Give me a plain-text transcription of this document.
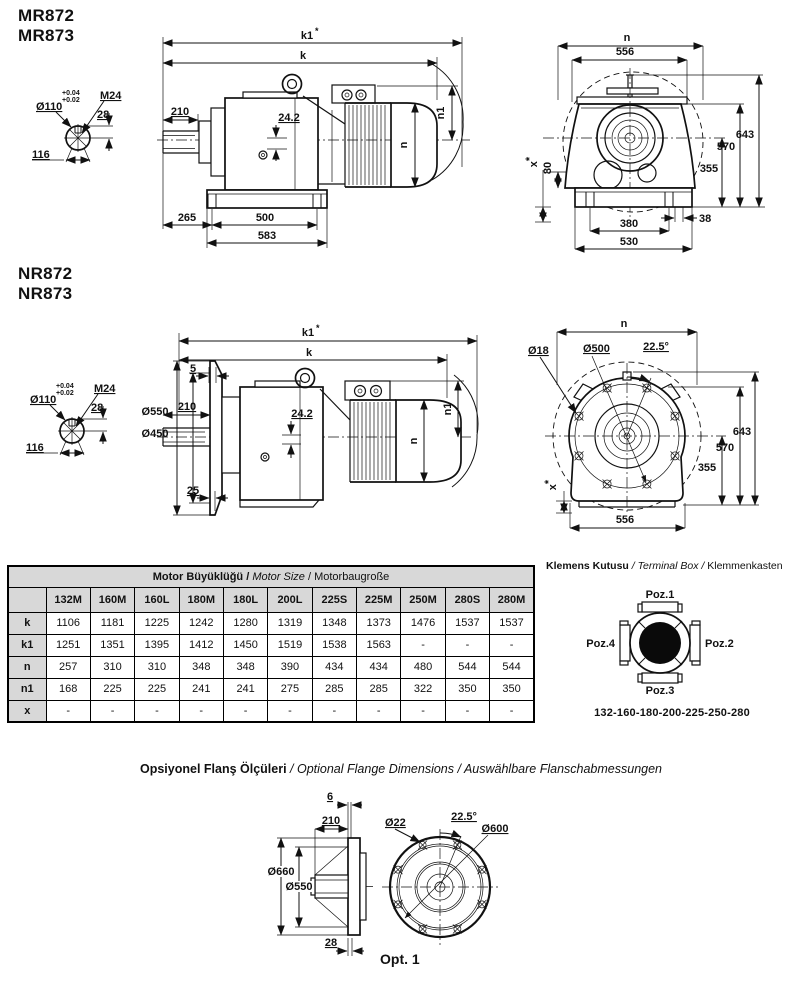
MR872
MR873
+0.04
+0.02
Ø110
M24
28
116
k1 *
k
210	24.2
n
n1
265	500
583
n
556
355
570
643
38
380
530
80
x*
NR872
NR873
+0.04
+0.02
Ø110
M24
28
116
k1 *
k
5
Ø550
Ø450
210
24.2
n
n1
25
n
Ø18	Ø500	22.5°
643
570
355
556
x*
Motor Büyüklüğü / Motor Size / Motorbaugroße											
	132M	160M	160L	180M	180L	200L	225S	225M	250M	280S	280M
k	1106	1181	1225	1242	1280	1319	1348	1373	1476	1537	1537
k1	1251	1351	1395	1412	1450	1519	1538	1563	-	-	-
n	257	310	310	348	348	390	434	434	480	544	544
n1	168	225	225	241	241	275	285	285	322	350	350
x	-	-	-	-	-	-	-	-	-	-	-
Klemens Kutusu / Terminal Box / Klemmenkasten
Poz.1
Poz.2
Poz.3
Poz.4
132-160-180-200-225-250-280
Opsiyonel Flanş Ölçüleri / Optional Flange Dimensions / Auswählbare Flanschabmessungen
6
210
Ø660
Ø550
28
Ø22	22.5°
Ø600
Opt. 1
